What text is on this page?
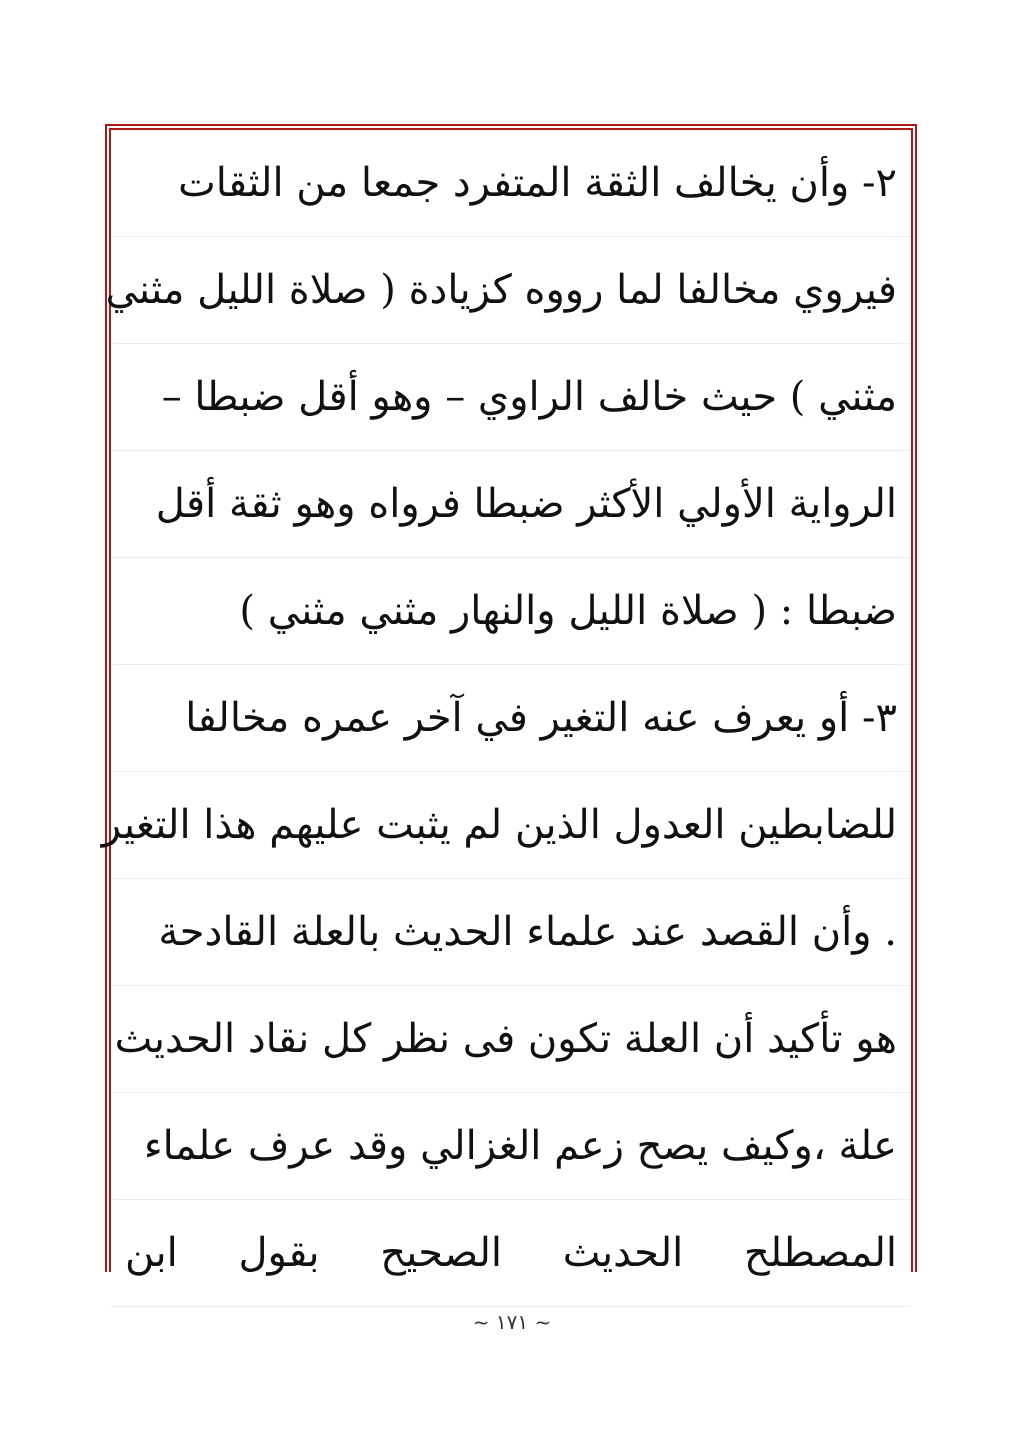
٢- وأن يخالف الثقة المتفرد جمعا من الثقات
فيروي مخالفا لما رووه كزيادة ( صلاة الليل مثني
مثني ) حيث خالف الراوي – وهو أقل ضبطا –
الرواية الأولي الأكثر ضبطا فرواه وهو ثقة أقل
ضبطا : ( صلاة الليل والنهار مثني مثني )
٣- أو يعرف عنه التغير في آخر عمره مخالفا
للضابطين العدول الذين لم يثبت عليهم هذا التغير
. وأن القصد عند علماء الحديث بالعلة القادحة
هو تأكيد أن العلة تكون فى نظر كل نقاد الحديث
علة ،وكيف يصح زعم الغزالي وقد عرف علماء
المصطلح
الحديث
الصحيح
بقول
ابن
~ ١٧١ ~
